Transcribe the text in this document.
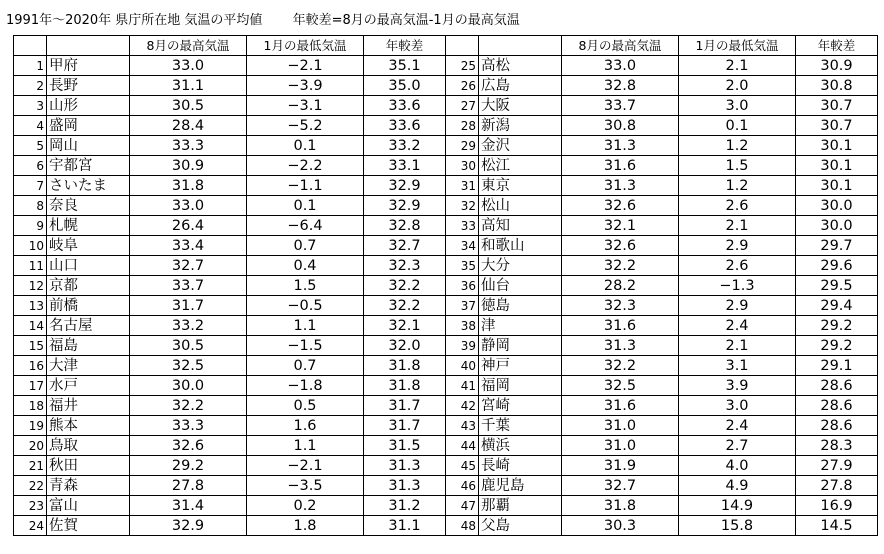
1991年～2020年 県庁所在地 気温の平均値　　 年較差=8月の最高気温-1月の最高気温
		8月の最高気温	1月の最低気温	年較差			8月の最高気温	1月の最低気温	年較差
1	甲府	33.0	−2.1	35.1	25	高松	33.0	2.1	30.9
2	長野	31.1	−3.9	35.0	26	広島	32.8	2.0	30.8
3	山形	30.5	−3.1	33.6	27	大阪	33.7	3.0	30.7
4	盛岡	28.4	−5.2	33.6	28	新潟	30.8	0.1	30.7
5	岡山	33.3	0.1	33.2	29	金沢	31.3	1.2	30.1
6	宇都宮	30.9	−2.2	33.1	30	松江	31.6	1.5	30.1
7	さいたま	31.8	−1.1	32.9	31	東京	31.3	1.2	30.1
8	奈良	33.0	0.1	32.9	32	松山	32.6	2.6	30.0
9	札幌	26.4	−6.4	32.8	33	高知	32.1	2.1	30.0
10	岐阜	33.4	0.7	32.7	34	和歌山	32.6	2.9	29.7
11	山口	32.7	0.4	32.3	35	大分	32.2	2.6	29.6
12	京都	33.7	1.5	32.2	36	仙台	28.2	−1.3	29.5
13	前橋	31.7	−0.5	32.2	37	徳島	32.3	2.9	29.4
14	名古屋	33.2	1.1	32.1	38	津	31.6	2.4	29.2
15	福島	30.5	−1.5	32.0	39	静岡	31.3	2.1	29.2
16	大津	32.5	0.7	31.8	40	神戸	32.2	3.1	29.1
17	水戸	30.0	−1.8	31.8	41	福岡	32.5	3.9	28.6
18	福井	32.2	0.5	31.7	42	宮崎	31.6	3.0	28.6
19	熊本	33.3	1.6	31.7	43	千葉	31.0	2.4	28.6
20	鳥取	32.6	1.1	31.5	44	横浜	31.0	2.7	28.3
21	秋田	29.2	−2.1	31.3	45	長崎	31.9	4.0	27.9
22	青森	27.8	−3.5	31.3	46	鹿児島	32.7	4.9	27.8
23	富山	31.4	0.2	31.2	47	那覇	31.8	14.9	16.9
24	佐賀	32.9	1.8	31.1	48	父島	30.3	15.8	14.5
